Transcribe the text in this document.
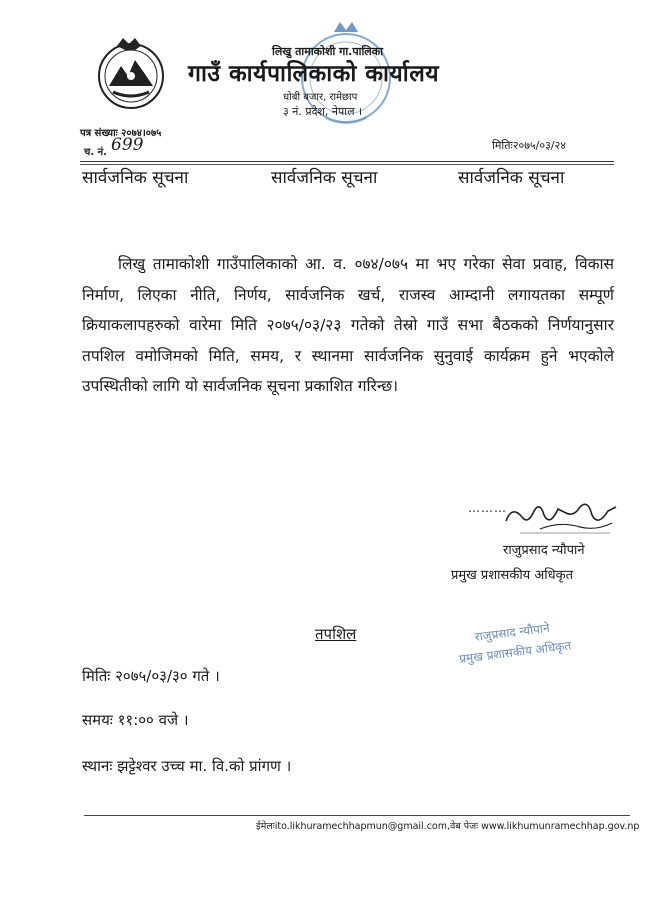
लिखु तामाकोशी गा.पालिका
गाउँ कार्यपालिकाको कार्यालय
धोबी बजार, रामेछाप
३ नं. प्रदेश, नेपाल ।
पत्र संख्याः २०७४।०७५
च. नं. 699	मितिः२०७५/०३/२४
सार्वजनिक सूचना	सार्वजनिक सूचना	सार्वजनिक सूचना
लिखु तामाकोशी गाउँपालिकाको आ. व. ०७४/०७५ मा भए गरेका सेवा प्रवाह, विकास निर्माण, लिएका नीति, निर्णय, सार्वजनिक खर्च, राजस्व आम्दानी लगायतका सम्पूर्ण क्रियाकलापहरुको वारेमा मिति २०७५/०३/२३ गतेको तेस्रो गाउँ सभा बैठकको निर्णयानुसार तपशिल वमोजिमको मिति, समय, र स्थानमा सार्वजनिक सुनुवाई कार्यक्रम हुने भएकोले उपस्थितीको लागि यो सार्वजनिक सूचना प्रकाशित गरिन्छ।
………
राजुप्रसाद न्यौपाने
प्रमुख प्रशासकीय अधिकृत
तपशिल	राजुप्रसाद न्यौपाने
प्रमुख प्रशासकीय अधिकृत
मितिः २०७५/०३/३० गते ।
समयः ११:०० वजे ।
स्थानः झट्टेश्वर उच्च मा. वि.को प्रांगण ।
ईमेलःito.likhuramechhapmun@gmail.com,वेब पेजः www.likhumunramechhap.gov.np
